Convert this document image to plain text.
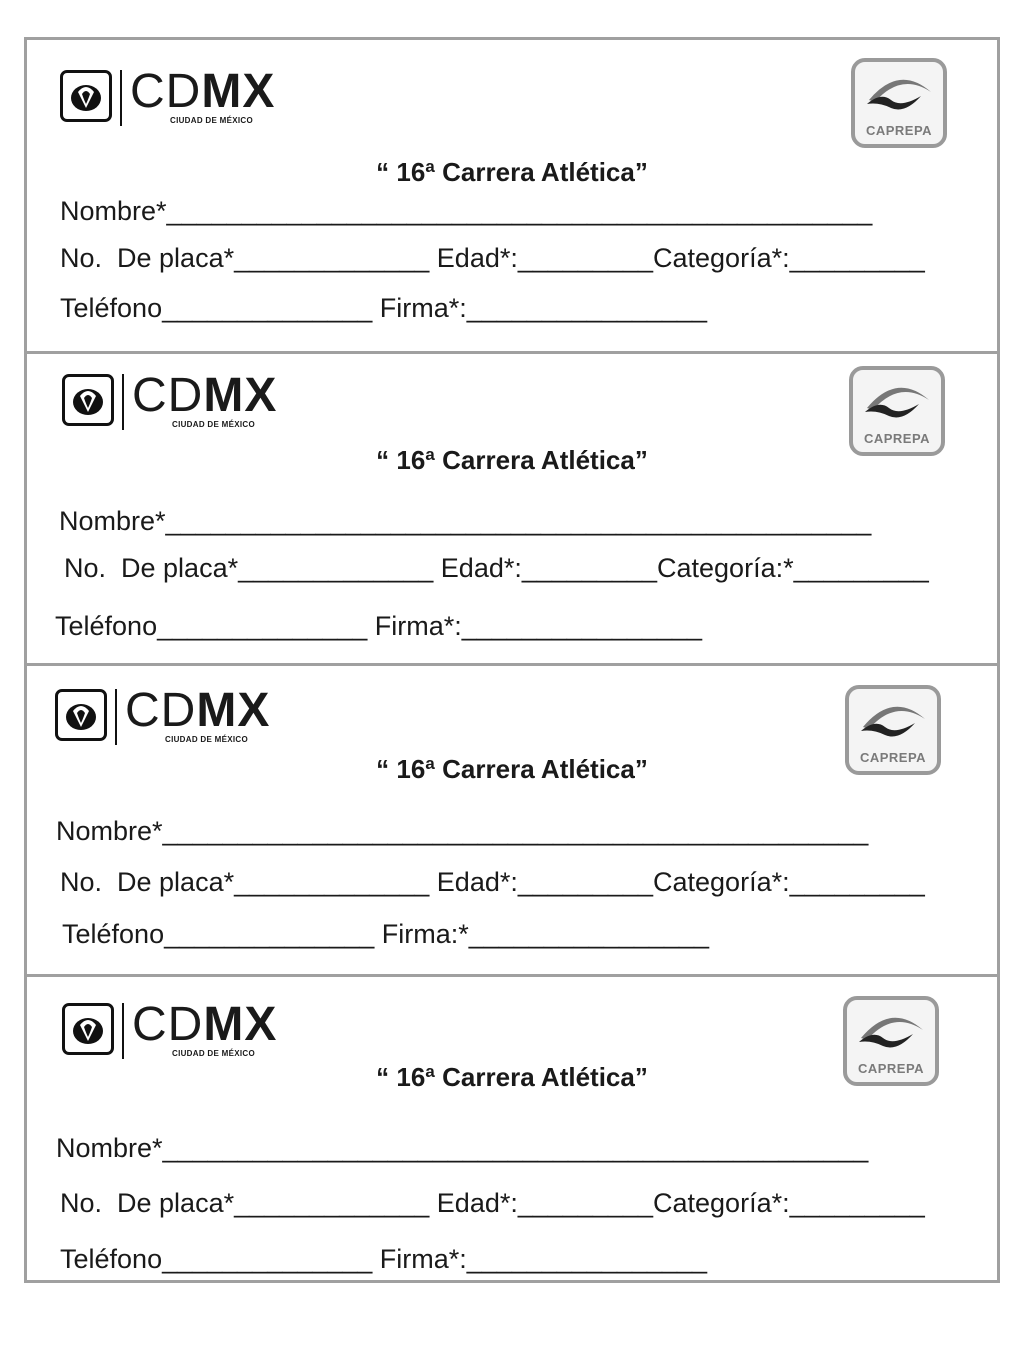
CDMX
CIUDAD DE MÉXICO
CAPREPA
“ 16ª Carrera Atlética”
Nombre*_______________________________________________
No.  De placa*_____________ Edad*:_________Categoría*:_________
Teléfono______________ Firma*:________________
CDMX
CIUDAD DE MÉXICO
CAPREPA
“ 16ª Carrera Atlética”
Nombre*_______________________________________________
No.  De placa*_____________ Edad*:_________Categoría:*_________
Teléfono______________ Firma*:________________
CDMX
CIUDAD DE MÉXICO
CAPREPA
“ 16ª Carrera Atlética”
Nombre*_______________________________________________
No.  De placa*_____________ Edad*:_________Categoría*:_________
Teléfono______________ Firma:*________________
CDMX
CIUDAD DE MÉXICO
CAPREPA
“ 16ª Carrera Atlética”
Nombre*_______________________________________________
No.  De placa*_____________ Edad*:_________Categoría*:_________
Teléfono______________ Firma*:________________
